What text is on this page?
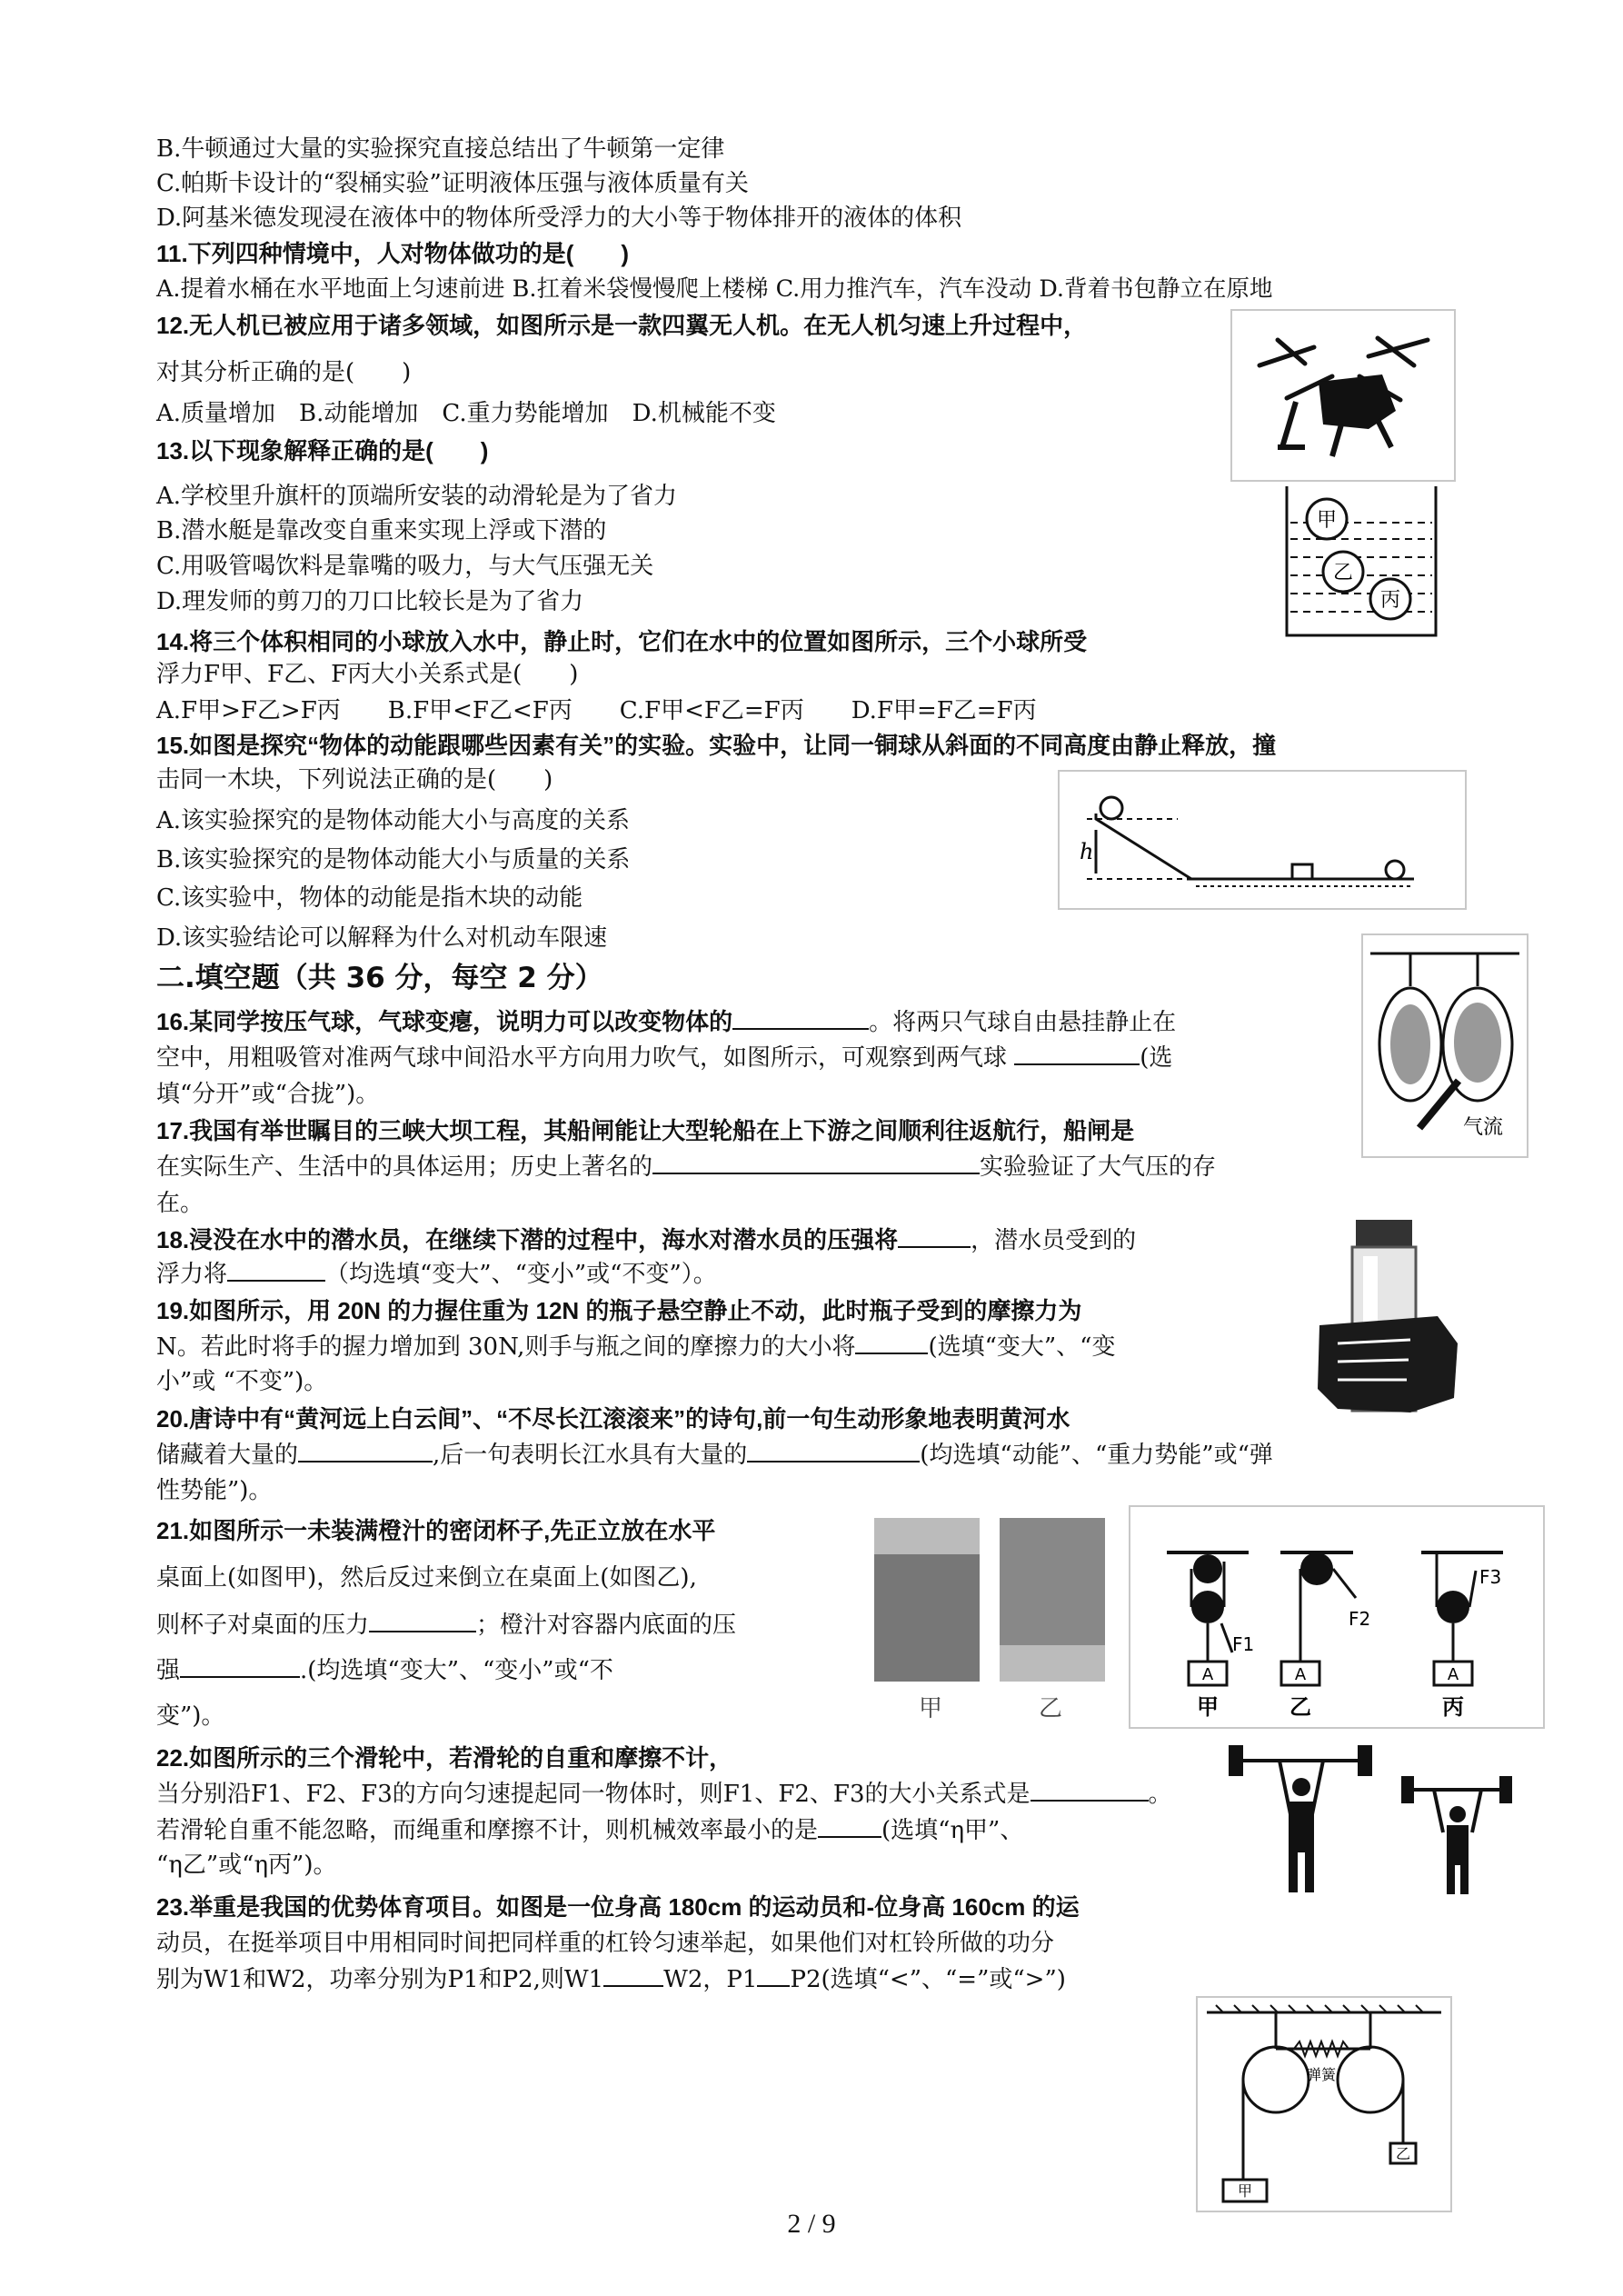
B.牛顿通过大量的实验探究直接总结出了牛顿第一定律
C.帕斯卡设计的“裂桶实验”证明液体压强与液体质量有关
D.阿基米德发现浸在液体中的物体所受浮力的大小等于物体排开的液体的体积
11.下列四种情境中，人对物体做功的是(　　)
A.提着水桶在水平地面上匀速前进 B.扛着米袋慢慢爬上楼梯 C.用力推汽车，汽车没动 D.背着书包静立在原地
12.无人机已被应用于诸多领域，如图所示是一款四翼无人机。在无人机匀速上升过程中，
对其分析正确的是(　　)
A.质量增加　B.动能增加　C.重力势能增加　D.机械能不变
13.以下现象解释正确的是(　　)
A.学校里升旗杆的顶端所安装的动滑轮是为了省力
B.潜水艇是靠改变自重来实现上浮或下潜的
C.用吸管喝饮料是靠嘴的吸力，与大气压强无关
D.理发师的剪刀的刀口比较长是为了省力
14.将三个体积相同的小球放入水中，静止时，它们在水中的位置如图所示，三个小球所受
浮力F甲、F乙、F丙大小关系式是(　　)
A.F甲>F乙>F丙　　B.F甲<F乙<F丙　　C.F甲<F乙=F丙　　D.F甲=F乙=F丙
15.如图是探究“物体的动能跟哪些因素有关”的实验。实验中，让同一铜球从斜面的不同高度由静止释放，撞
击同一木块，下列说法正确的是(　　)
A.该实验探究的是物体动能大小与高度的关系
B.该实验探究的是物体动能大小与质量的关系
C.该实验中，物体的动能是指木块的动能
D.该实验结论可以解释为什么对机动车限速
二.填空题（共 36 分，每空 2 分）
16.某同学按压气球，气球变瘪，说明力可以改变物体的	。将两只气球自由悬挂静止在
空中，用粗吸管对准两气球中间沿水平方向用力吹气，如图所示，可观察到两气球	(选
填“分开”或“合拢”)。
17.我国有举世瞩目的三峡大坝工程，其船闸能让大型轮船在上下游之间顺利往返航行，船闸是
在实际生产、生活中的具体运用；历史上著名的	实验验证了大气压的存
在。
18.浸没在水中的潜水员，在继续下潜的过程中，海水对潜水员的压强将	，潜水员受到的
浮力将	（均选填“变大”、“变小”或“不变”）。
19.如图所示，用 20N 的力握住重为 12N 的瓶子悬空静止不动，此时瓶子受到的摩擦力为
N。若此时将手的握力增加到 30N,则手与瓶之间的摩擦力的大小将	(选填“变大”、“变
小”或 “不变”)。
20.唐诗中有“黄河远上白云间”、“不尽长江滚滚来”的诗句,前一句生动形象地表明黄河水
储藏着大量的	,后一句表明长江水具有大量的	(均选填“动能”、“重力势能”或“弹
性势能”)。
21.如图所示一未装满橙汁的密闭杯子,先正立放在水平
桌面上(如图甲)，然后反过来倒立在桌面上(如图乙),
则杯子对桌面的压力	；橙汁对容器内底面的压
强	.(均选填“变大”、“变小”或“不
变”)。
22.如图所示的三个滑轮中，若滑轮的自重和摩擦不计，
当分别沿F1、F2、F3的方向匀速提起同一物体时，则F1、F2、F3的大小关系式是	。
若滑轮自重不能忽略，而绳重和摩擦不计，则机械效率最小的是	(选填“η甲”、
“η乙”或“η丙”)。
23.举重是我国的优势体育项目。如图是一位身高 180cm 的运动员和-位身高 160cm 的运
动员，在挺举项目中用相同时间把同样重的杠铃匀速举起，如果他们对杠铃所做的功分
别为W1和W2，功率分别为P1和P2,则W1	W2，P1 P2(选填“<”、“=”或“>”)
甲
乙
丙
h
气流
甲	乙
A	A	A
F1
F2
F3
甲	乙	丙
弹簧
甲
乙
2 / 9
